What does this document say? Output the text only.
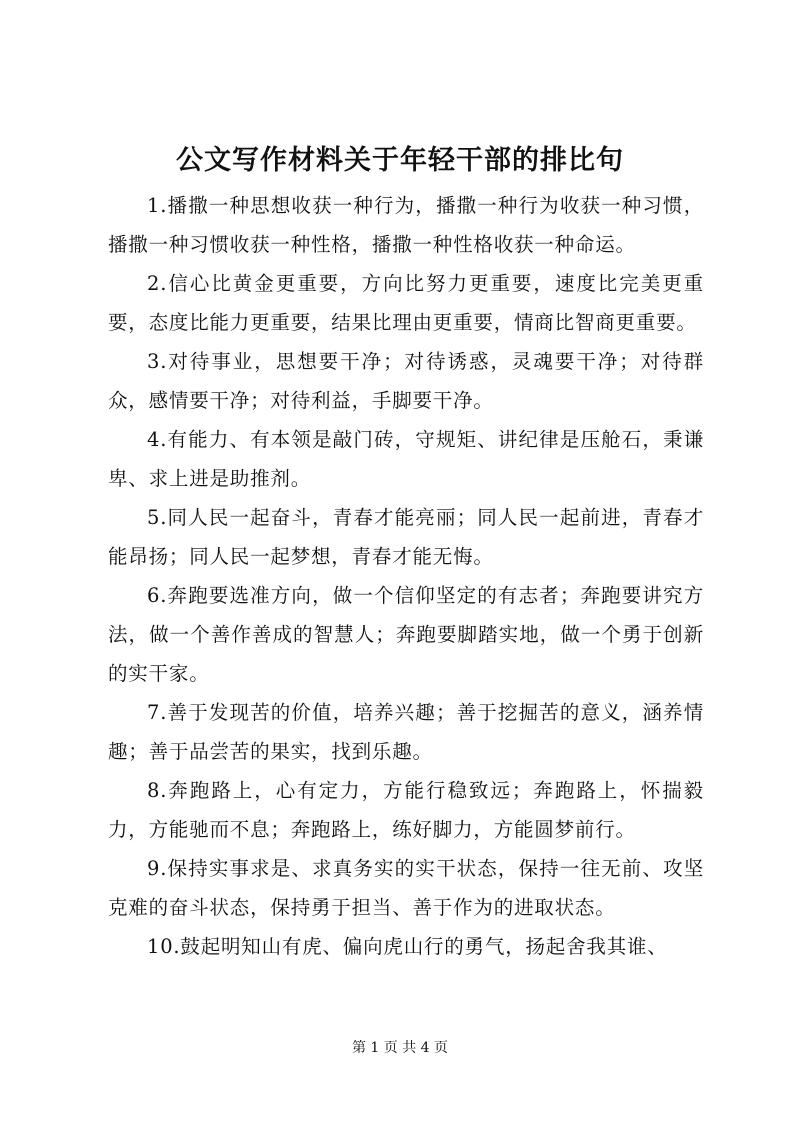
公文写作材料关于年轻干部的排比句

1.播撒一种思想收获一种行为，播撒一种行为收获一种习惯，播撒一种习惯收获一种性格，播撒一种性格收获一种命运。

2.信心比黄金更重要，方向比努力更重要，速度比完美更重要，态度比能力更重要，结果比理由更重要，情商比智商更重要。

3.对待事业，思想要干净；对待诱惑，灵魂要干净；对待群众，感情要干净；对待利益，手脚要干净。

4.有能力、有本领是敲门砖，守规矩、讲纪律是压舱石，秉谦卑、求上进是助推剂。

5.同人民一起奋斗，青春才能亮丽；同人民一起前进，青春才能昂扬；同人民一起梦想，青春才能无悔。

6.奔跑要选准方向，做一个信仰坚定的有志者；奔跑要讲究方法，做一个善作善成的智慧人；奔跑要脚踏实地，做一个勇于创新的实干家。

7.善于发现苦的价值，培养兴趣；善于挖掘苦的意义，涵养情趣；善于品尝苦的果实，找到乐趣。

8.奔跑路上，心有定力，方能行稳致远；奔跑路上，怀揣毅力，方能驰而不息；奔跑路上，练好脚力，方能圆梦前行。

9.保持实事求是、求真务实的实干状态，保持一往无前、攻坚克难的奋斗状态，保持勇于担当、善于作为的进取状态。

10.鼓起明知山有虎、偏向虎山行的勇气，扬起舍我其谁、

第 1 页 共 4 页
